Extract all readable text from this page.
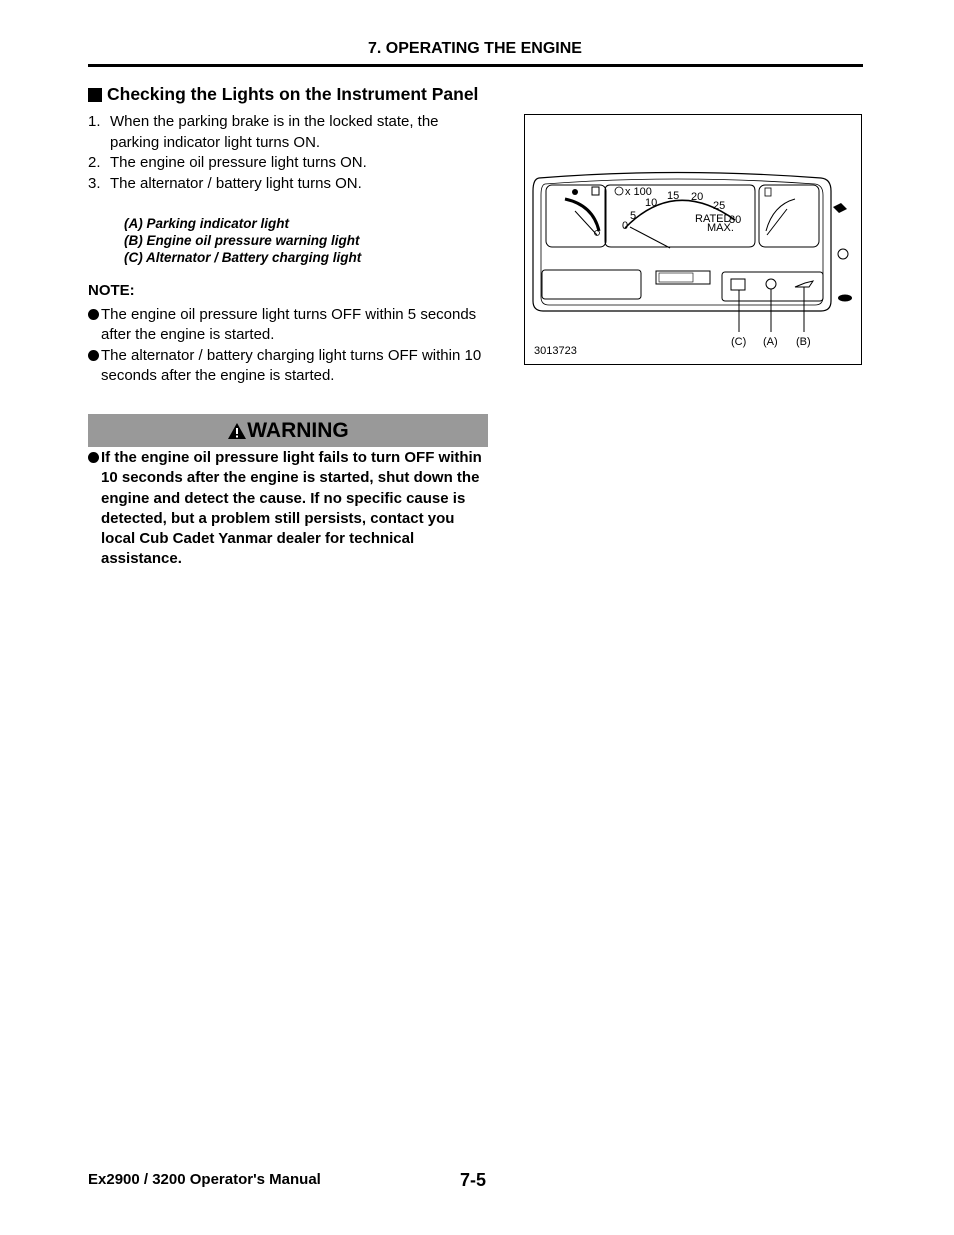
7. OPERATING THE ENGINE
Checking the Lights on the Instrument Panel
1. When the parking brake is in the locked state, the parking indicator light turns ON.
2. The engine oil pressure light turns ON.
3. The alternator / battery light turns ON.
(A) Parking indicator light
(B) Engine oil pressure warning light
(C) Alternator / Battery charging light
NOTE:
The engine oil pressure light turns OFF within 5 seconds after the engine is started.
The alternator / battery charging light turns OFF within 10 seconds after the engine is started.
WARNING
If the engine oil pressure light fails to turn OFF within 10 seconds after the engine is started, shut down the engine and detect the cause. If no specific cause is detected, but a problem still persists, contact you local Cub Cadet Yanmar dealer for technical assistance.
0
5
10
15 20
25
30
x 100
RATED
MAX.
(C) (A) (B)
3013723
Ex2900 / 3200 Operator's Manual	7-5
